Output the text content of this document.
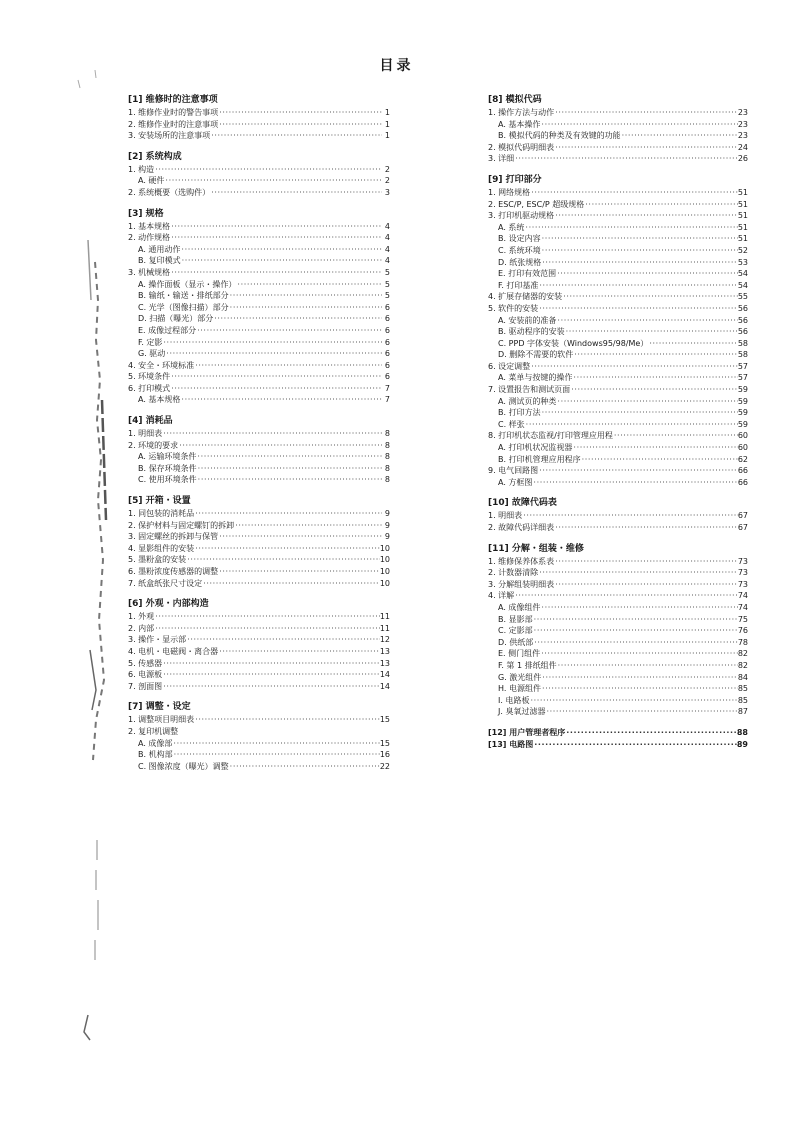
目录
[1] 维修时的注意事项
1. 维修作业时的警告事项 ·····	1
2. 维修作业时的注意事项 ·····	1
3. 安装场所的注意事项 ·····	1
[2] 系统构成
1. 构造 ·····	2
A. 硬件 ·····	2
2. 系统概要（选购件） ·····	3
[3] 规格
1. 基本规格 ·····	4
2. 动作规格 ·····	4
A. 通用动作 ·····	4
B. 复印模式 ·····	4
3. 机械规格 ·····	5
A. 操作面板（显示・操作） ·····	5
B. 输纸・输送・排纸部分 ·····	5
C. 光学（图像扫描）部分 ·····	6
D. 扫描（曝光）部分 ·····	6
E. 成像过程部分 ·····	6
F. 定影 ·····	6
G. 驱动 ·····	6
4. 安全・环境标准 ·····	6
5. 环境条件 ·····	6
6. 打印模式 ·····	7
A. 基本规格 ·····	7
[4] 消耗品
1. 明细表 ·····	8
2. 环境的要求 ·····	8
A. 运输环境条件 ·····	8
B. 保存环境条件 ·····	8
C. 使用环境条件 ·····	8
[5] 开箱・设置
1. 同包装的消耗品 ·····	9
2. 保护材料与固定螺钉的拆卸 ·····	9
3. 固定螺丝的拆卸与保管 ·····	9
4. 显影组件的安装 ·····	10
5. 墨粉盒的安装 ·····	10
6. 墨粉浓度传感器的调整 ·····	10
7. 纸盒纸张尺寸设定 ·····	10
[6] 外观・内部构造
1. 外观 ·····	11
2. 内部 ·····	11
3. 操作・显示部 ·····	12
4. 电机・电磁阀・离合器 ·····	13
5. 传感器 ·····	13
6. 电源板 ·····	14
7. 剖面图 ·····	14
[7] 调整・设定
1. 调整项目明细表 ·····	15
2. 复印机调整
A. 成像部 ·····	15
B. 机构部 ·····	16
C. 图像浓度（曝光）调整 ·····	22
[8] 模拟代码
1. 操作方法与动作 ·····	23
A. 基本操作 ·····	23
B. 模拟代码的种类及有效键的功能 ·····	23
2. 模拟代码明细表 ·····	24
3. 详细 ·····	26
[9] 打印部分
1. 网络规格 ·····	51
2. ESC/P, ESC/P 超级规格 ·····	51
3. 打印机驱动规格 ·····	51
A. 系统 ·····	51
B. 设定内容 ·····	51
C. 系统环境 ·····	52
D. 纸张规格 ·····	53
E. 打印有效范围 ·····	54
F. 打印基准 ·····	54
4. 扩展存储器的安装 ·····	55
5. 软件的安装 ·····	56
A. 安装前的准备 ·····	56
B. 驱动程序的安装 ·····	56
C. PPD 字体安装（Windows95/98/Me） ·····	58
D. 删除不需要的软件 ·····	58
6. 设定调整 ·····	57
A. 菜单与按键的操作 ·····	57
7. 设置报告和测试页面 ·····	59
A. 测试页的种类 ·····	59
B. 打印方法 ·····	59
C. 样张 ·····	59
8. 打印机状态监视/打印管理应用程 ·····	60
A. 打印机状况监视器 ·····	60
B. 打印机管理应用程序 ·····	62
9. 电气回路图 ·····	66
A. 方框图 ·····	66
[10] 故障代码表
1. 明细表 ·····	67
2. 故障代码详细表 ·····	67
[11] 分解・组装・维修
1. 维修保养体系表 ·····	73
2. 计数器清除 ·····	73
3. 分解组装明细表 ·····	73
4. 详解 ·····	74
A. 成像组件 ·····	74
B. 显影部 ·····	75
C. 定影部 ·····	76
D. 供纸部 ·····	78
E. 侧门组件 ·····	82
F. 第 1 排纸组件 ·····	82
G. 激光组件 ·····	84
H. 电源组件 ·····	85
I. 电路板 ·····	85
J. 臭氧过滤器 ·····	87
[12] 用户管理者程序 ·····	88
[13] 电路图 ·····	89
